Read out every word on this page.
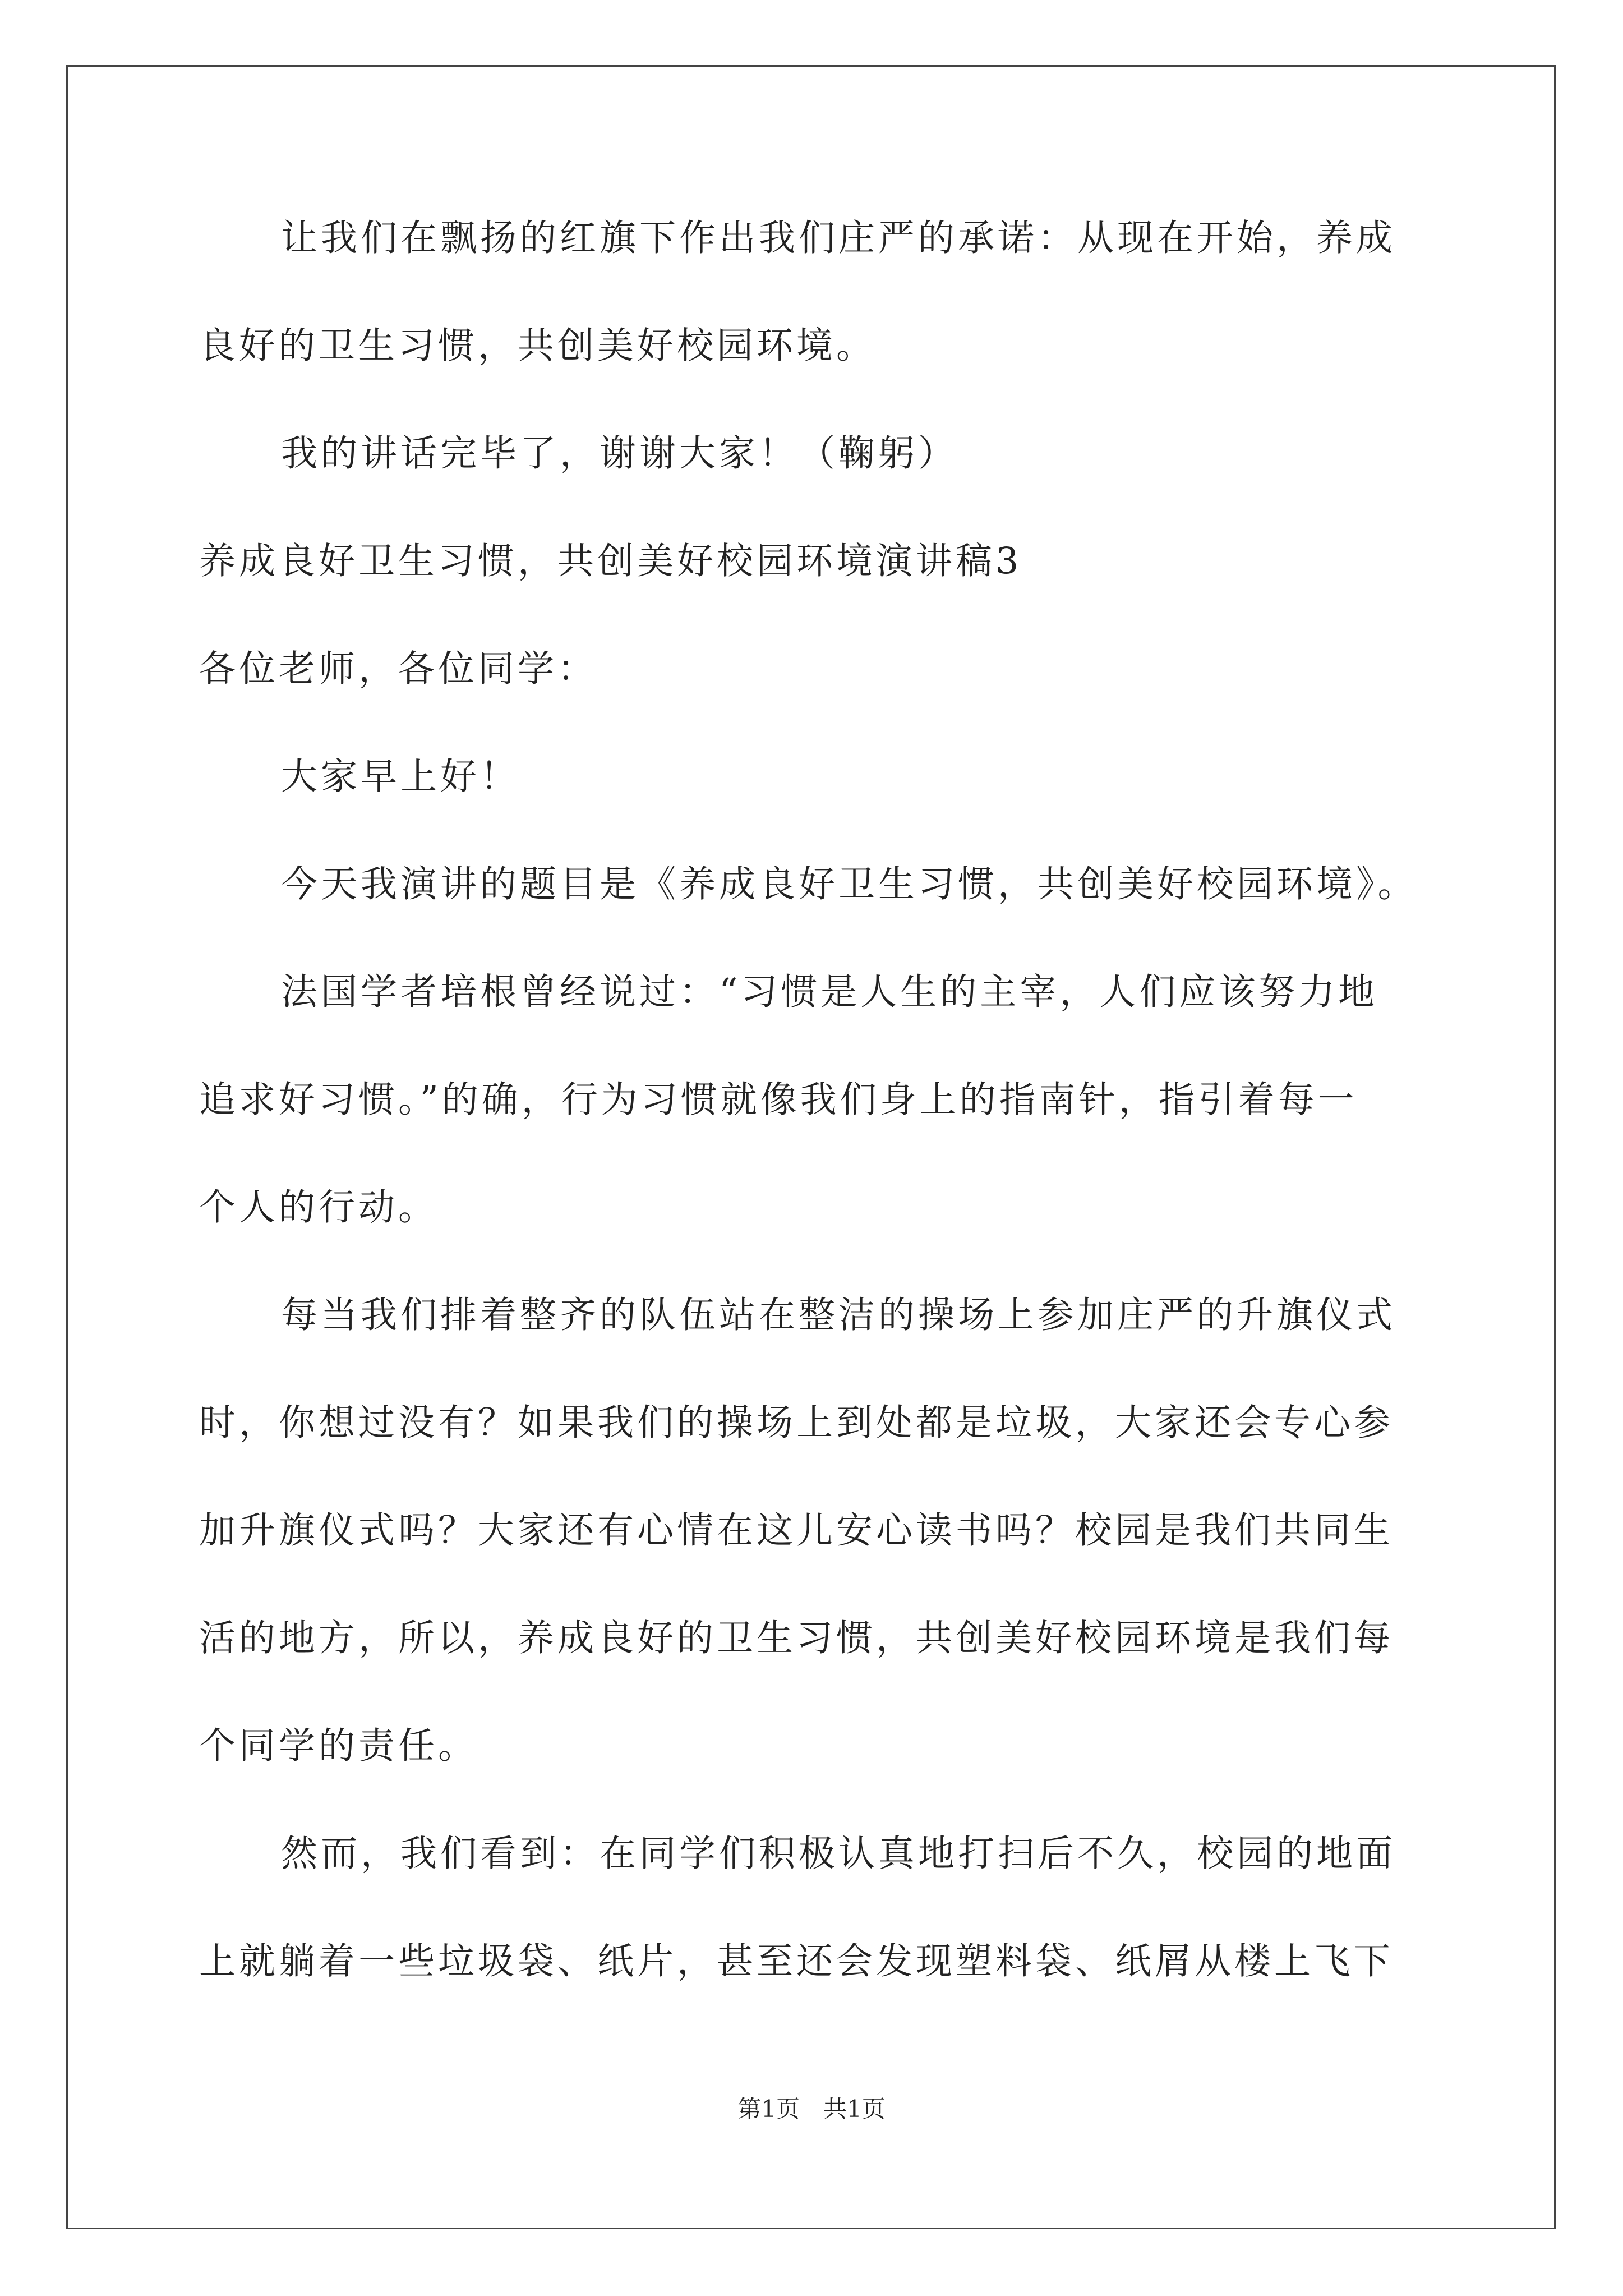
让我们在飘扬的红旗下作出我们庄严的承诺：从现在开始，养成
良好的卫生习惯，共创美好校园环境。
我的讲话完毕了，谢谢大家！（鞠躬）
养成良好卫生习惯，共创美好校园环境演讲稿3
各位老师，各位同学：
大家早上好！
今天我演讲的题目是《养成良好卫生习惯，共创美好校园环境》。
法国学者培根曾经说过：“习惯是人生的主宰，人们应该努力地
追求好习惯。”的确，行为习惯就像我们身上的指南针，指引着每一
个人的行动。
每当我们排着整齐的队伍站在整洁的操场上参加庄严的升旗仪式
时，你想过没有？如果我们的操场上到处都是垃圾，大家还会专心参
加升旗仪式吗？大家还有心情在这儿安心读书吗？校园是我们共同生
活的地方，所以，养成良好的卫生习惯，共创美好校园环境是我们每
个同学的责任。
然而，我们看到：在同学们积极认真地打扫后不久，校园的地面
上就躺着一些垃圾袋、纸片，甚至还会发现塑料袋、纸屑从楼上飞下
第1页　共1页
